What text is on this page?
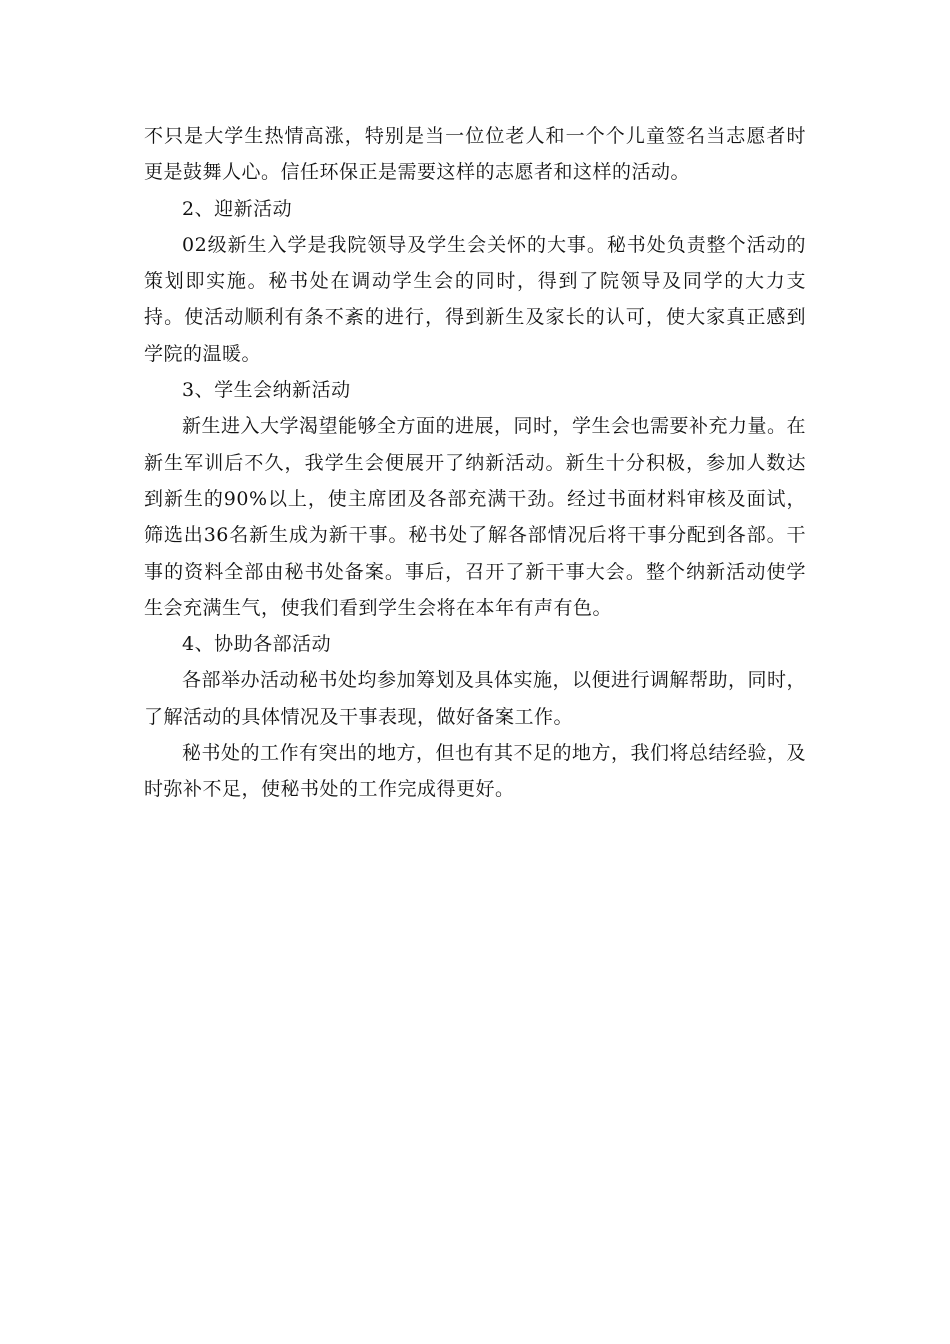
不只是大学生热情高涨，特别是当一位位老人和一个个儿童签名当志愿者时更是鼓舞人心。信任环保正是需要这样的志愿者和这样的活动。

2、迎新活动

02级新生入学是我院领导及学生会关怀的大事。秘书处负责整个活动的策划即实施。秘书处在调动学生会的同时，得到了院领导及同学的大力支持。使活动顺利有条不紊的进行，得到新生及家长的认可，使大家真正感到学院的温暖。

3、学生会纳新活动

新生进入大学渴望能够全方面的进展，同时，学生会也需要补充力量。在新生军训后不久，我学生会便展开了纳新活动。新生十分积极，参加人数达到新生的90%以上，使主席团及各部充满干劲。经过书面材料审核及面试，筛选出36名新生成为新干事。秘书处了解各部情况后将干事分配到各部。干事的资料全部由秘书处备案。事后，召开了新干事大会。整个纳新活动使学生会充满生气，使我们看到学生会将在本年有声有色。

4、协助各部活动

各部举办活动秘书处均参加筹划及具体实施，以便进行调解帮助，同时，了解活动的具体情况及干事表现，做好备案工作。

秘书处的工作有突出的地方，但也有其不足的地方，我们将总结经验，及时弥补不足，使秘书处的工作完成得更好。
